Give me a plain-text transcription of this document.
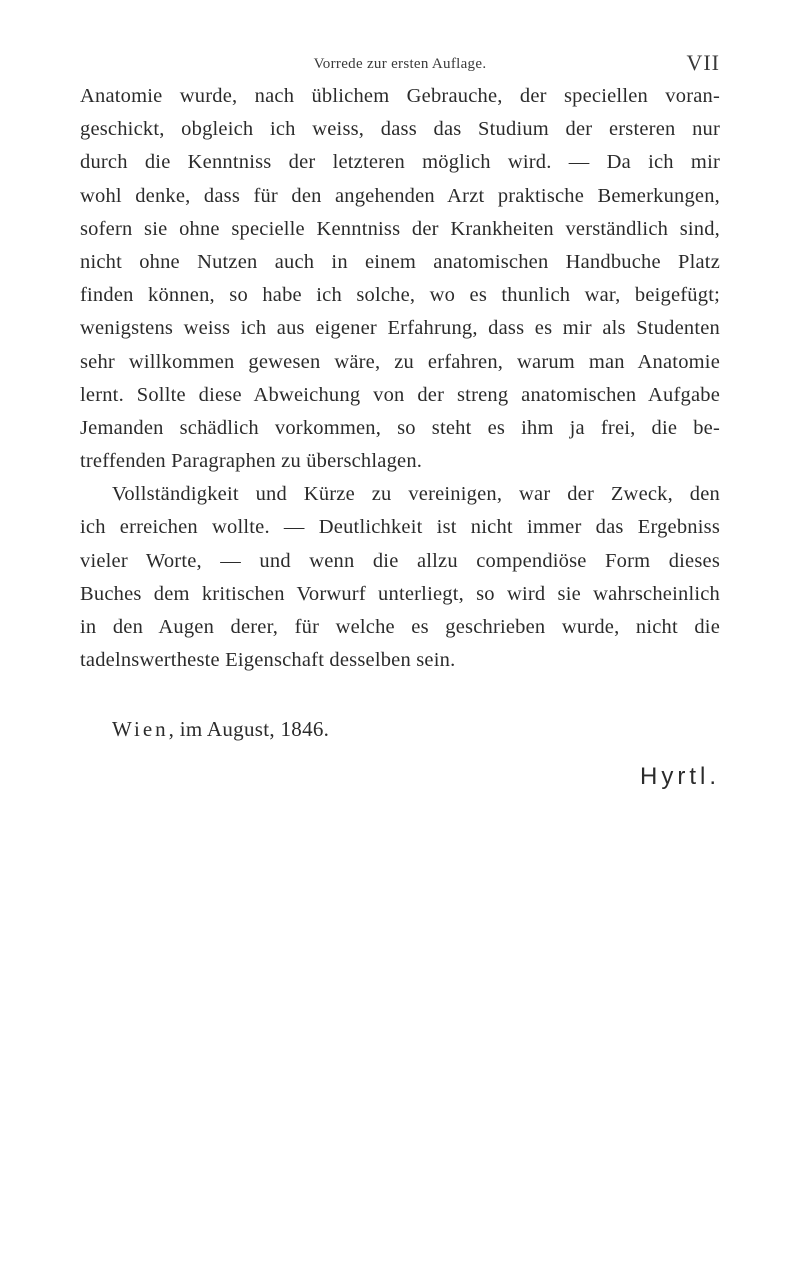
Vorrede zur ersten Auflage.	VII
Anatomie wurde, nach üblichem Gebrauche, der speciellen voran-
geschickt, obgleich ich weiss, dass das Studium der ersteren nur
durch die Kenntniss der letzteren möglich wird. — Da ich mir
wohl denke, dass für den angehenden Arzt praktische Bemerkungen,
sofern sie ohne specielle Kenntniss der Krankheiten verständlich sind,
nicht ohne Nutzen auch in einem anatomischen Handbuche Platz
finden können, so habe ich solche, wo es thunlich war, beigefügt;
wenigstens weiss ich aus eigener Erfahrung, dass es mir als Studenten
sehr willkommen gewesen wäre, zu erfahren, warum man Anatomie
lernt. Sollte diese Abweichung von der streng anatomischen Aufgabe
Jemanden schädlich vorkommen, so steht es ihm ja frei, die be-
treffenden Paragraphen zu überschlagen.
Vollständigkeit und Kürze zu vereinigen, war der Zweck, den
ich erreichen wollte. — Deutlichkeit ist nicht immer das Ergebniss
vieler Worte, — und wenn die allzu compendiöse Form dieses
Buches dem kritischen Vorwurf unterliegt, so wird sie wahrscheinlich
in den Augen derer, für welche es geschrieben wurde, nicht die
tadelnswertheste Eigenschaft desselben sein.
Wien, im August, 1846.
Hyrtl.
